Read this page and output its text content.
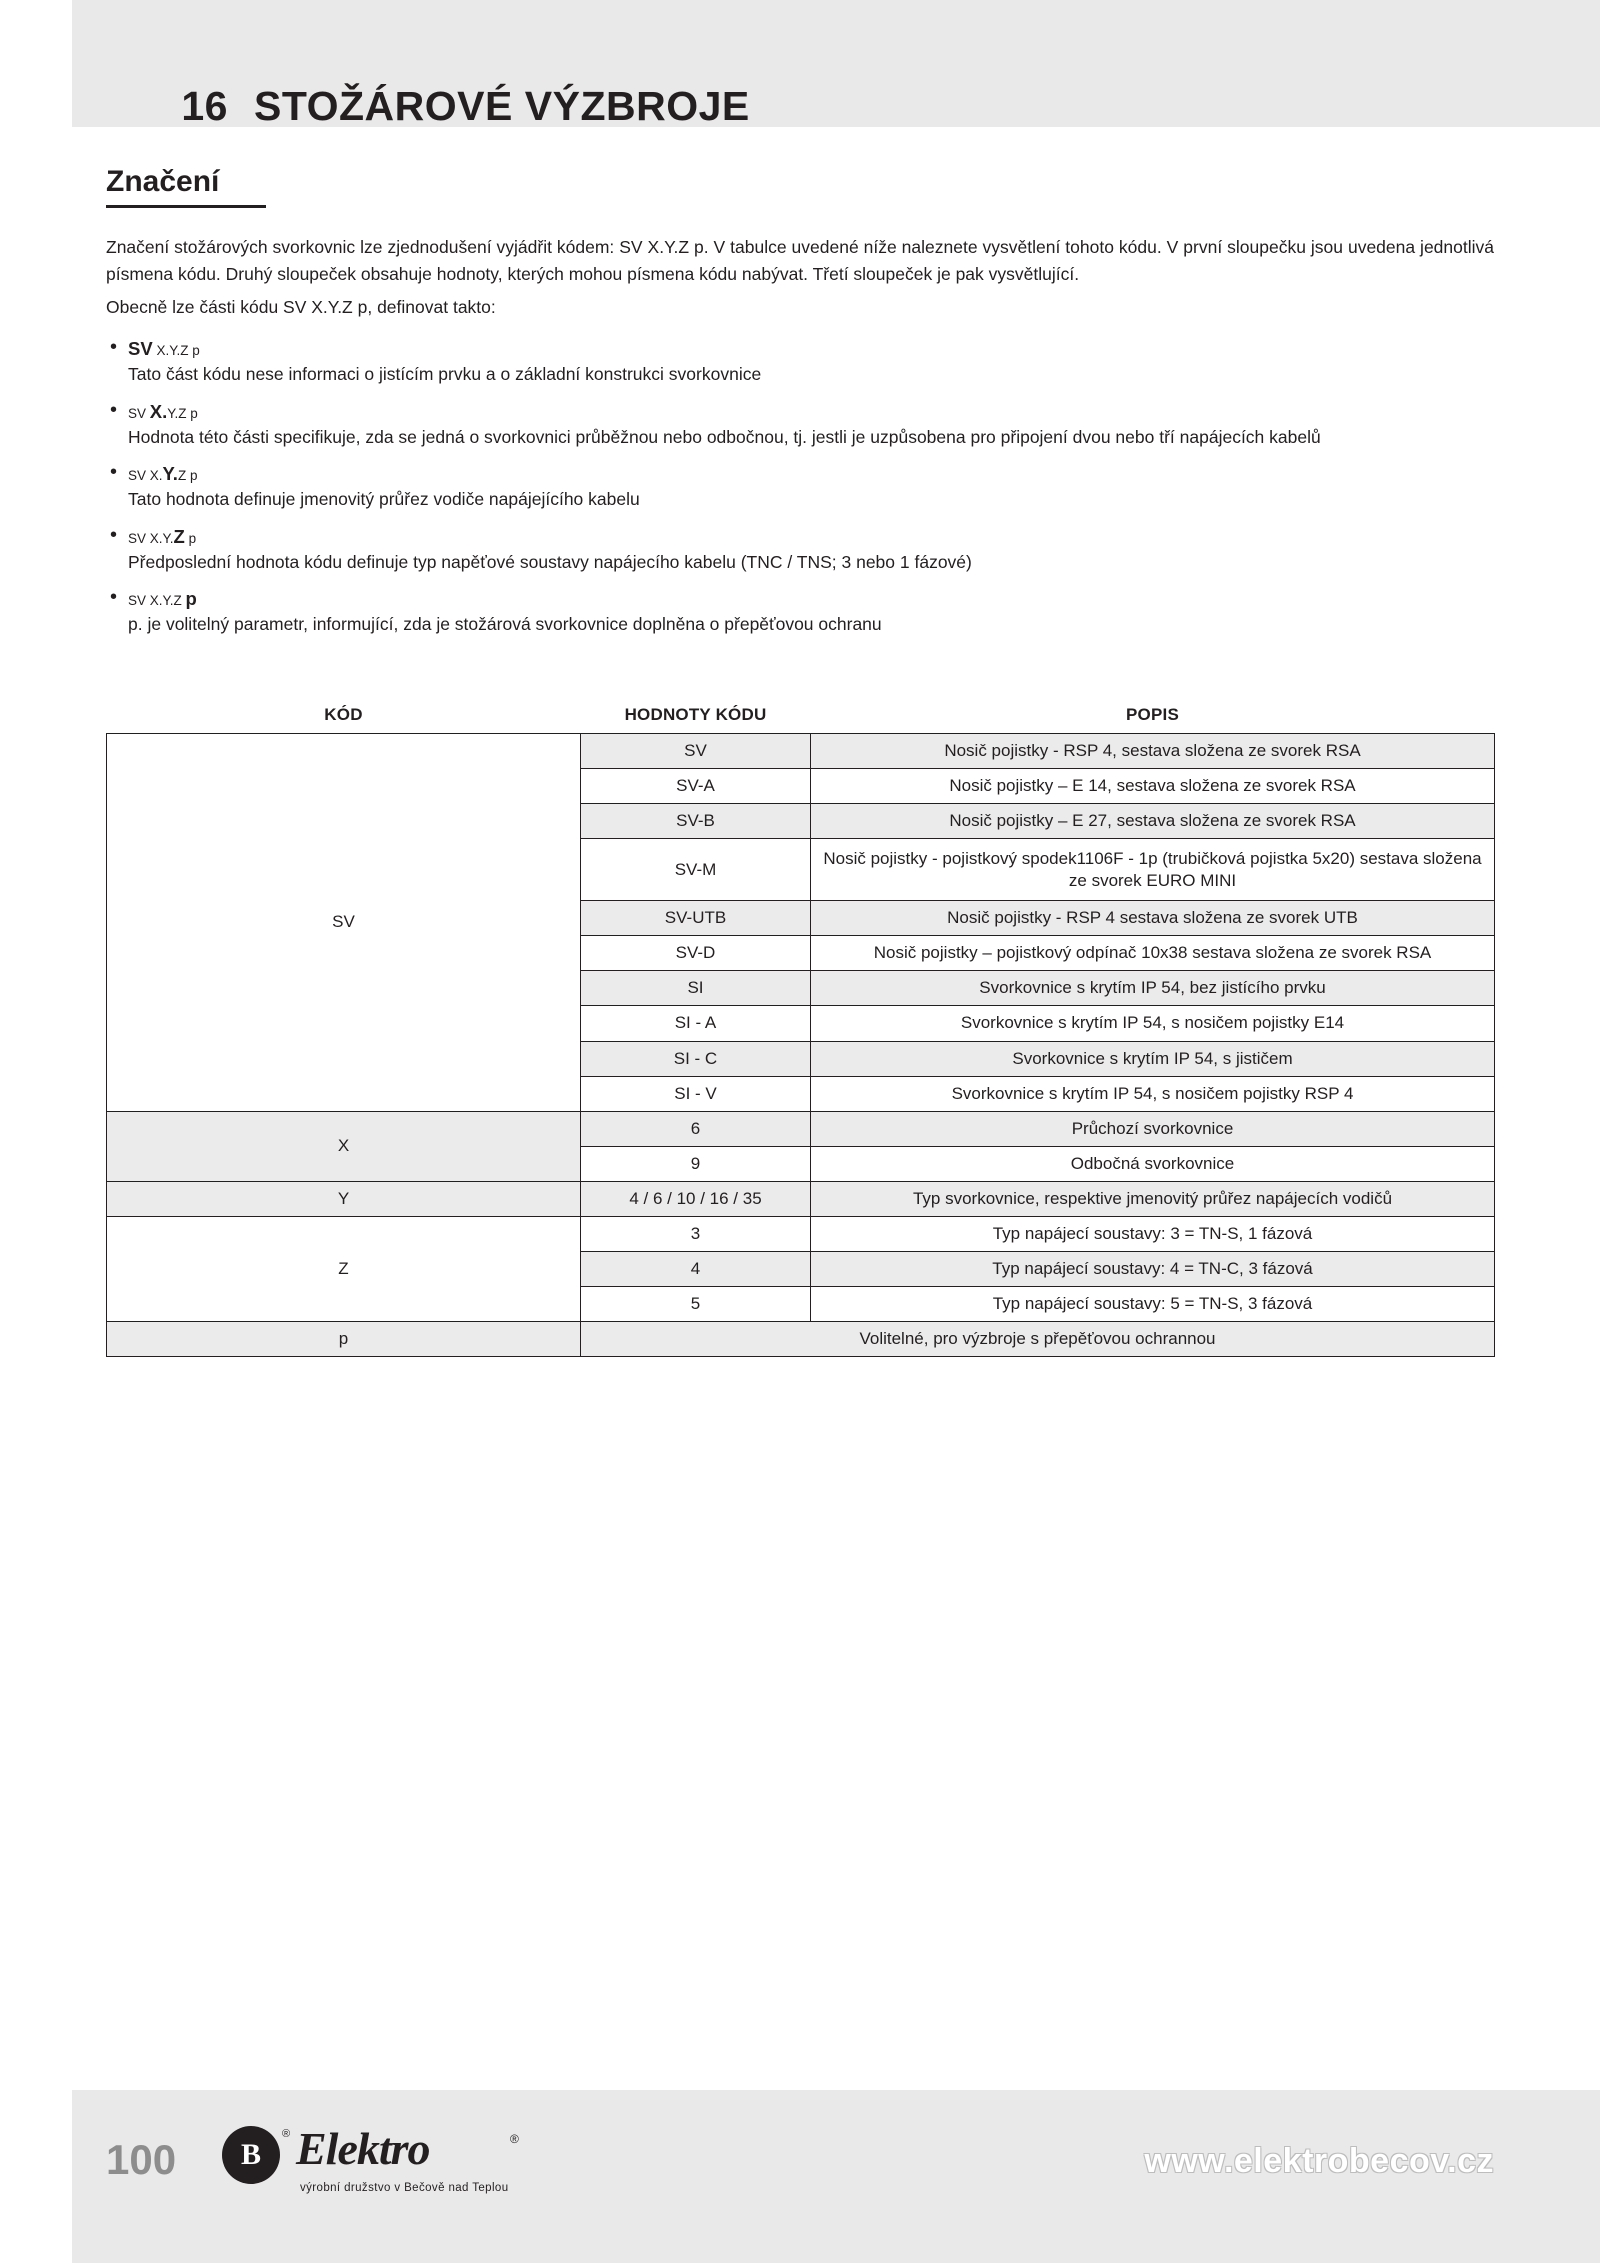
16 STOŽÁROVÉ VÝZBROJE

Značení

Značení stožárových svorkovnic lze zjednodušení vyjádřit kódem: SV X.Y.Z p. V tabulce uvedené níže naleznete vysvětlení tohoto kódu. V první sloupečku jsou uvedena jednotlivá písmena kódu. Druhý sloupeček obsahuje hodnoty, kterých mohou písmena kódu nabývat. Třetí sloupeček je pak vysvětlující.

Obecně lze části kódu SV X.Y.Z p, definovat takto:

• SV X.Y.Z p
Tato část kódu nese informaci o jistícím prvku a o základní konstrukci svorkovnice
• SV X.Y.Z p
Hodnota této části specifikuje, zda se jedná o svorkovnici průběžnou nebo odbočnou, tj. jestli je uzpůsobena pro připojení dvou nebo tří napájecích kabelů
• SV X.Y.Z p
Tato hodnota definuje jmenovitý průřez vodiče napájejícího kabelu
• SV X.Y.Z p
Předposlední hodnota kódu definuje typ napěťové soustavy napájecího kabelu (TNC / TNS; 3 nebo 1 fázové)
• SV X.Y.Z p
p. je volitelný parametr, informující, zda je stožárová svorkovnice doplněna o přepěťovou ochranu
KÓD	HODNOTY KÓDU	POPIS
SV	SV	Nosič pojistky - RSP 4, sestava složena ze svorek RSA
	SV-A	Nosič pojistky – E 14, sestava složena ze svorek RSA
	SV-B	Nosič pojistky – E 27, sestava složena ze svorek RSA
	SV-M	Nosič pojistky - pojistkový spodek1106F - 1p (trubičková pojistka 5x20) sestava složena ze svorek EURO MINI
	SV-UTB	Nosič pojistky - RSP 4 sestava složena ze svorek UTB
	SV-D	Nosič pojistky – pojistkový odpínač 10x38 sestava složena ze svorek RSA
	SI	Svorkovnice s krytím IP 54, bez jistícího prvku
	SI - A	Svorkovnice s krytím IP 54, s nosičem pojistky E14
	SI - C	Svorkovnice s krytím IP 54, s jističem
	SI - V	Svorkovnice s krytím IP 54, s nosičem pojistky RSP 4
X	6	Průchozí svorkovnice
	9	Odbočná svorkovnice
Y	4 / 6 / 10 / 16 / 35	Typ svorkovnice, respektive jmenovitý průřez napájecích vodičů
Z	3	Typ napájecí soustavy: 3 = TN-S, 1 fázová
	4	Typ napájecí soustavy: 4 = TN-C, 3 fázová
	5	Typ napájecí soustavy: 5 = TN-S, 3 fázová
p	Volitelné, pro výzbroje s přepěťovou ochrannou	
100	B
® Elektro	®
výrobní družstvo v Bečově nad Teplou
www.elektrobecov.cz
